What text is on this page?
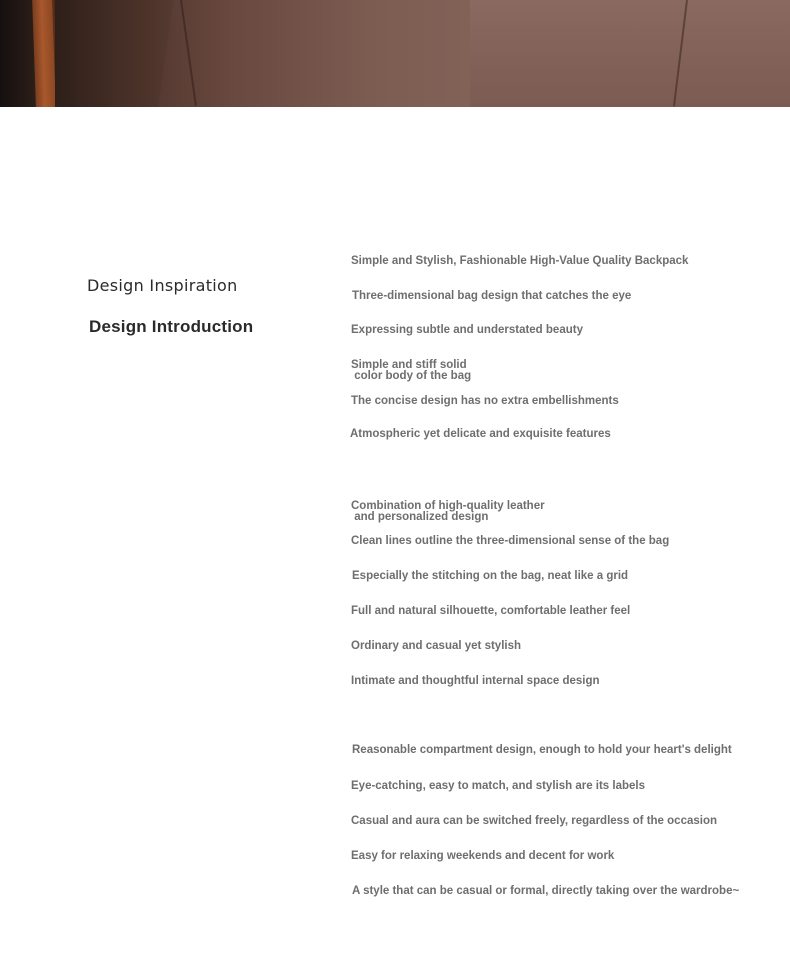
Design Inspiration
Design Introduction
Simple and Stylish, Fashionable High-Value Quality Backpack
Three-dimensional bag design that catches the eye
Expressing subtle and understated beauty
Simple and stiff solid
color body of the bag
The concise design has no extra embellishments
Atmospheric yet delicate and exquisite features
Combination of high-quality leather
and personalized design
Clean lines outline the three-dimensional sense of the bag
Especially the stitching on the bag, neat like a grid
Full and natural silhouette, comfortable leather feel
Ordinary and casual yet stylish
Intimate and thoughtful internal space design
Reasonable compartment design, enough to hold your heart's delight
Eye-catching, easy to match, and stylish are its labels
Casual and aura can be switched freely, regardless of the occasion
Easy for relaxing weekends and decent for work
A style that can be casual or formal, directly taking over the wardrobe~
